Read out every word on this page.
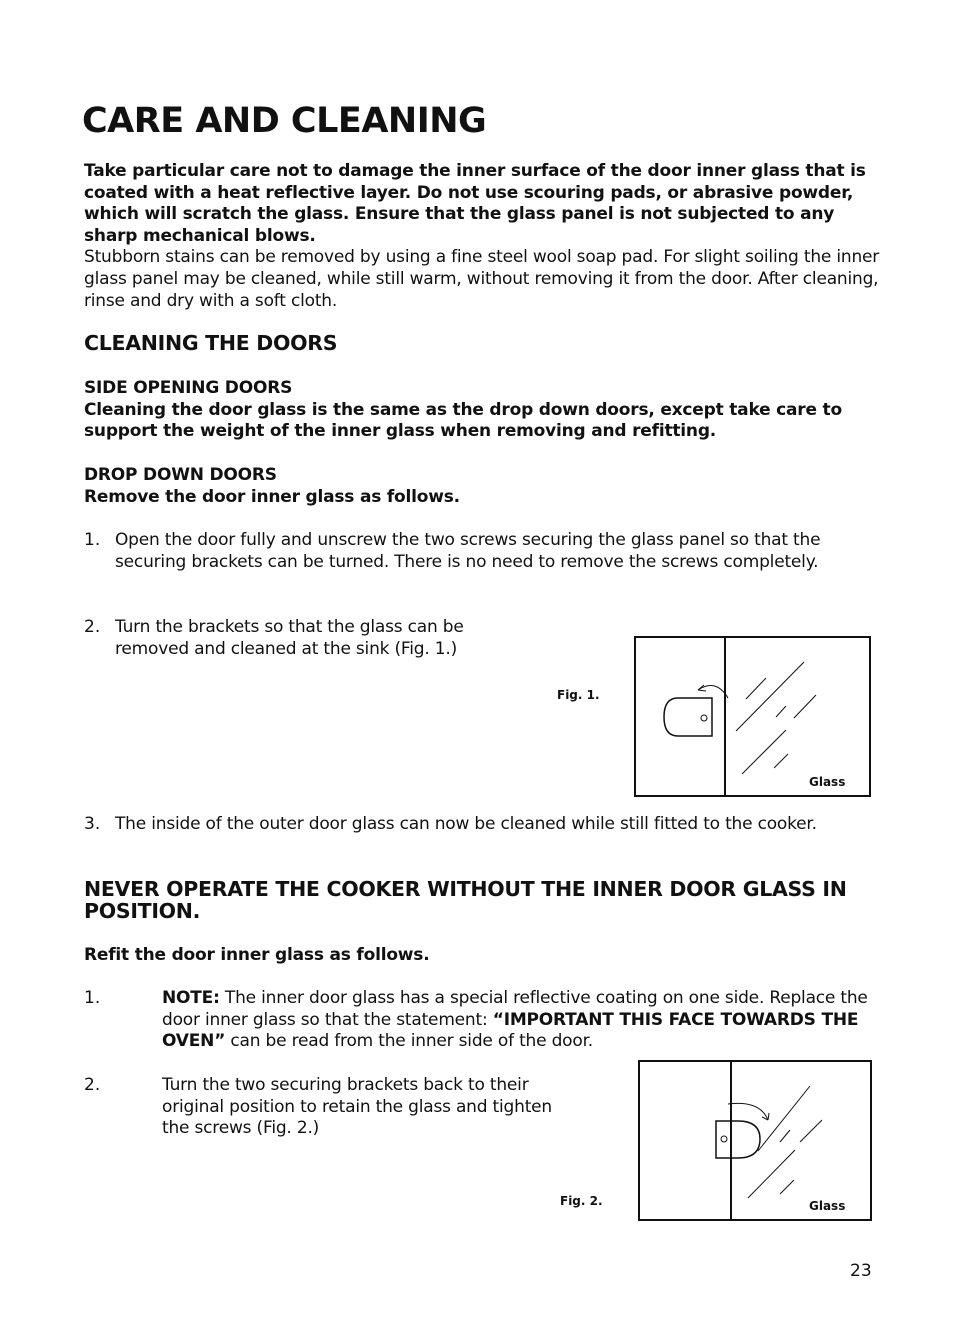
CARE AND CLEANING
Take particular care not to damage the inner surface of the door inner glass that is coated with a heat reflective layer. Do not use scouring pads, or abrasive powder, which will scratch the glass. Ensure that the glass panel is not subjected to any sharp mechanical blows.
Stubborn stains can be removed by using a fine steel wool soap pad. For slight soiling the inner glass panel may be cleaned, while still warm, without removing it from the door. After cleaning, rinse and dry with a soft cloth.
CLEANING THE DOORS
SIDE OPENING DOORS
Cleaning the door glass is the same as the drop down doors, except take care to support the weight of the inner glass when removing and refitting.
DROP DOWN DOORS
Remove the door inner glass as follows.
1. Open the door fully and unscrew the two screws securing the glass panel so that the securing brackets can be turned. There is no need to remove the screws completely.
2. Turn the brackets so that the glass can be removed and cleaned at the sink (Fig. 1.)
Fig. 1.
Glass
3. The inside of the outer door glass can now be cleaned while still fitted to the cooker.
NEVER OPERATE THE COOKER WITHOUT THE INNER DOOR GLASS IN POSITION.
Refit the door inner glass as follows.
1.	NOTE: The inner door glass has a special reflective coating on one side. Replace the door inner glass so that the statement: “IMPORTANT THIS FACE TOWARDS THE OVEN” can be read from the inner side of the door.
2.	Turn the two securing brackets back to their original position to retain the glass and tighten the screws (Fig. 2.)
Fig. 2.	Glass
23
